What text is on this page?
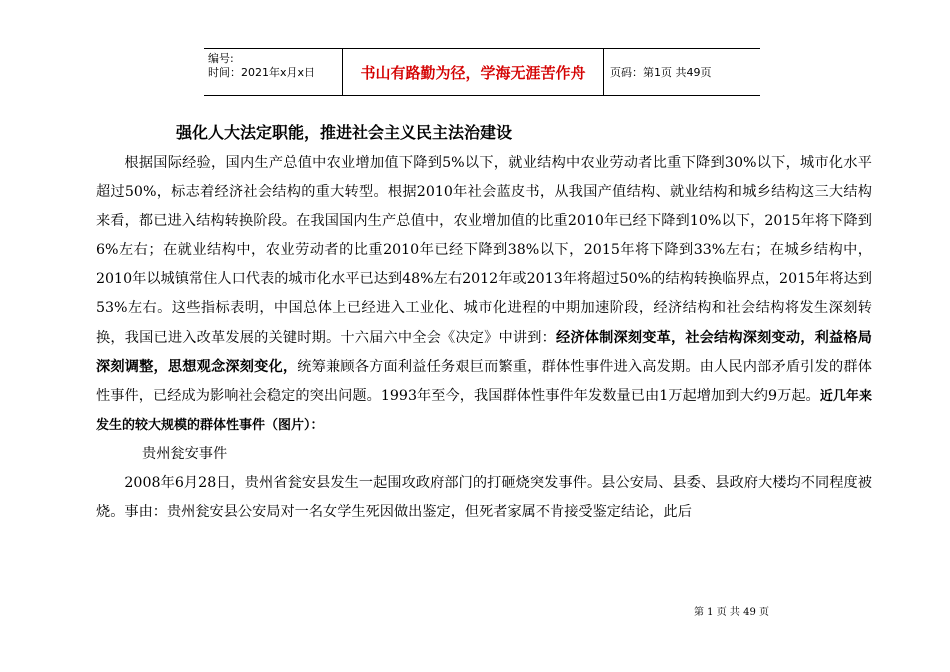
编号:
时间：2021年x月x日	书山有路勤为径，学海无涯苦作舟	页码：第1页 共49页
强化人大法定职能，推进社会主义民主法治建设

根据国际经验，国内生产总值中农业增加值下降到5%以下，就业结构中农业劳动者比重下降到30%以下，城市化水平超过50%，标志着经济社会结构的重大转型。根据2010年社会蓝皮书，从我国产值结构、就业结构和城乡结构这三大结构来看，都已进入结构转换阶段。在我国国内生产总值中，农业增加值的比重2010年已经下降到10%以下，2015年将下降到6%左右；在就业结构中，农业劳动者的比重2010年已经下降到38%以下，2015年将下降到33%左右；在城乡结构中，2010年以城镇常住人口代表的城市化水平已达到48%左右2012年或2013年将超过50%的结构转换临界点，2015年将达到53%左右。这些指标表明，中国总体上已经进入工业化、城市化进程的中期加速阶段，经济结构和社会结构将发生深刻转换，我国已进入改革发展的关键时期。十六届六中全会《决定》中讲到：经济体制深刻变革，社会结构深刻变动，利益格局深刻调整，思想观念深刻变化，统筹兼顾各方面利益任务艰巨而繁重，群体性事件进入高发期。由人民内部矛盾引发的群体性事件，已经成为影响社会稳定的突出问题。1993年至今，我国群体性事件年发数量已由1万起增加到大约9万起。近几年来发生的较大规模的群体性事件（图片）：

贵州瓮安事件

2008年6月28日，贵州省瓮安县发生一起围攻政府部门的打砸烧突发事件。县公安局、县委、县政府大楼均不同程度被烧。事由：贵州瓮安县公安局对一名女学生死因做出鉴定，但死者家属不肯接受鉴定结论，此后

第 1 页 共 49 页
